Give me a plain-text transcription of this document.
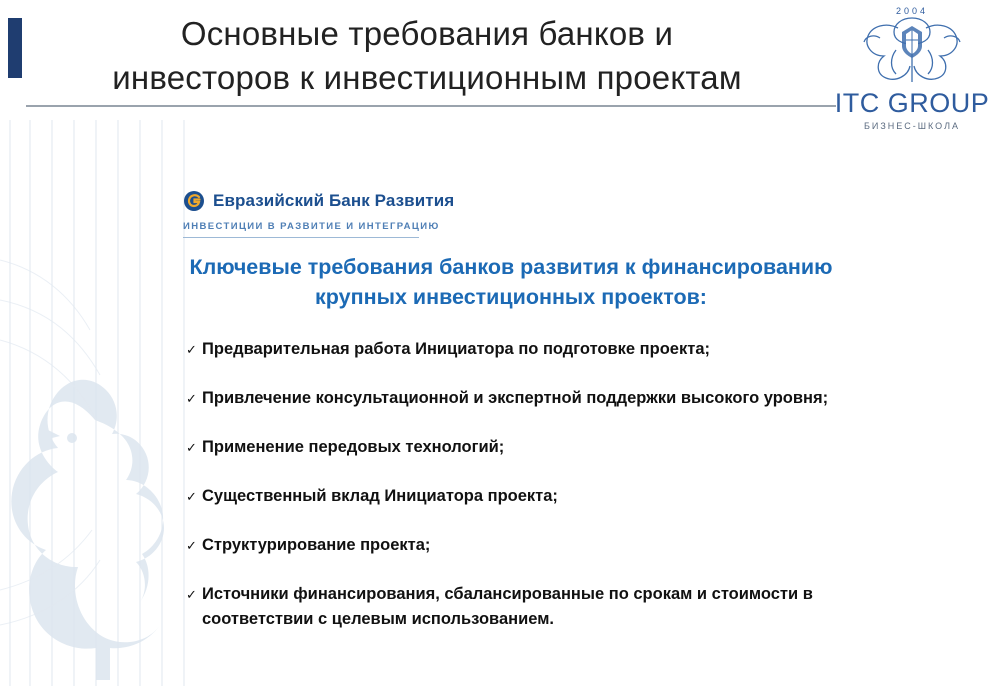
Основные требования банков и
инвесторов к инвестиционным проектам
2004
ITC GROUP
БИЗНЕС-ШКОЛА
Евразийский Банк Развития
ИНВЕСТИЦИИ В РАЗВИТИЕ И ИНТЕГРАЦИЮ
Ключевые требования банков развития к финансированию крупных инвестиционных проектов:
✓ Предварительная работа Инициатора по подготовке проекта;
✓ Привлечение консультационной и экспертной поддержки высокого уровня;
✓ Применение передовых технологий;
✓ Существенный вклад Инициатора проекта;
✓ Структурирование проекта;
✓ Источники финансирования, сбалансированные по срокам и стоимости в соответствии с целевым использованием.
